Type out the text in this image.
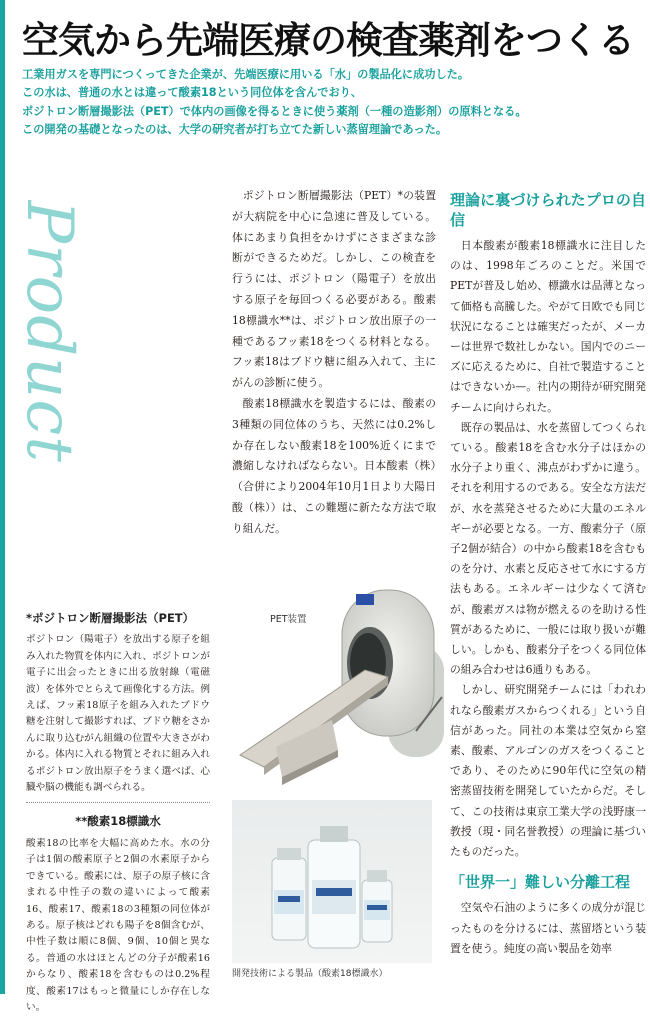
空気から先端医療の検査薬剤をつくる
工業用ガスを専門につくってきた企業が、先端医療に用いる「水」の製品化に成功した。
この水は、普通の水とは違って酸素18という同位体を含んでおり、
ポジトロン断層撮影法（PET）で体内の画像を得るときに使う薬剤（一種の造影剤）の原料となる。
この開発の基礎となったのは、大学の研究者が打ち立てた新しい蒸留理論であった。
Product

ポジトロン断層撮影法（PET）*の装置が大病院を中心に急速に普及している。体にあまり負担をかけずにさまざまな診断ができるためだ。しかし、この検査を行うには、ポジトロン（陽電子）を放出する原子を毎回つくる必要がある。酸素18標識水**は、ポジトロン放出原子の一種であるフッ素18をつくる材料となる。フッ素18はブドウ糖に組み入れて、主にがんの診断に使う。

酸素18標識水を製造するには、酸素の3種類の同位体のうち、天然には0.2%しか存在しない酸素18を100%近くにまで濃縮しなければならない。日本酸素（株）（合併により2004年10月1日より大陽日酸（株））は、この難題に新たな方法で取り組んだ。

理論に裏づけられたプロの自信

日本酸素が酸素18標識水に注目したのは、1998年ごろのことだ。米国でPETが普及し始め、標識水は品薄となって価格も高騰した。やがて日欧でも同じ状況になることは確実だったが、メーカーは世界で数社しかない。国内でのニーズに応えるために、自社で製造することはできないか—。社内の期待が研究開発チームに向けられた。

既存の製品は、水を蒸留してつくられている。酸素18を含む水分子はほかの水分子より重く、沸点がわずかに違う。それを利用するのである。安全な方法だが、水を蒸発させるために大量のエネルギーが必要となる。一方、酸素分子（原子2個が結合）の中から酸素18を含むものを分け、水素と反応させて水にする方法もある。エネルギーは少なくて済むが、酸素ガスは物が燃えるのを助ける性質があるために、一般には取り扱いが難しい。しかも、酸素分子をつくる同位体の組み合わせは6通りもある。

しかし、研究開発チームには「われわれなら酸素ガスからつくれる」という自信があった。同社の本業は空気から窒素、酸素、アルゴンのガスをつくることであり、そのために90年代に空気の精密蒸留技術を開発していたからだ。そして、この技術は東京工業大学の浅野康一教授（現・同名誉教授）の理論に基づいたものだった。

「世界一」難しい分離工程

空気や石油のように多くの成分が混じったものを分けるには、蒸留塔という装置を使う。純度の高い製品を効率

*ポジトロン断層撮影法（PET）

ポジトロン（陽電子）を放出する原子を組み入れた物質を体内に入れ、ポジトロンが電子に出会ったときに出る放射線（電磁波）を体外でとらえて画像化する方法。例えば、フッ素18原子を組み入れたブドウ糖を注射して撮影すれば、ブドウ糖をさかんに取り込むがん組織の位置や大きさがわかる。体内に入れる物質とそれに組み入れるポジトロン放出原子をうまく選べば、心臓や脳の機能も調べられる。

**酸素18標識水

酸素18の比率を大幅に高めた水。水の分子は1個の酸素原子と2個の水素原子からできている。酸素には、原子の原子核に含まれる中性子の数の違いによって酸素16、酸素17、酸素18の3種類の同位体がある。原子核はどれも陽子を8個含むが、中性子数は順に8個、9個、10個と異なる。普通の水はほとんどの分子が酸素16からなり、酸素18を含むものは0.2%程度、酸素17はもっと微量にしか存在しない。

PET装置
開発技術による製品（酸素18標識水）
